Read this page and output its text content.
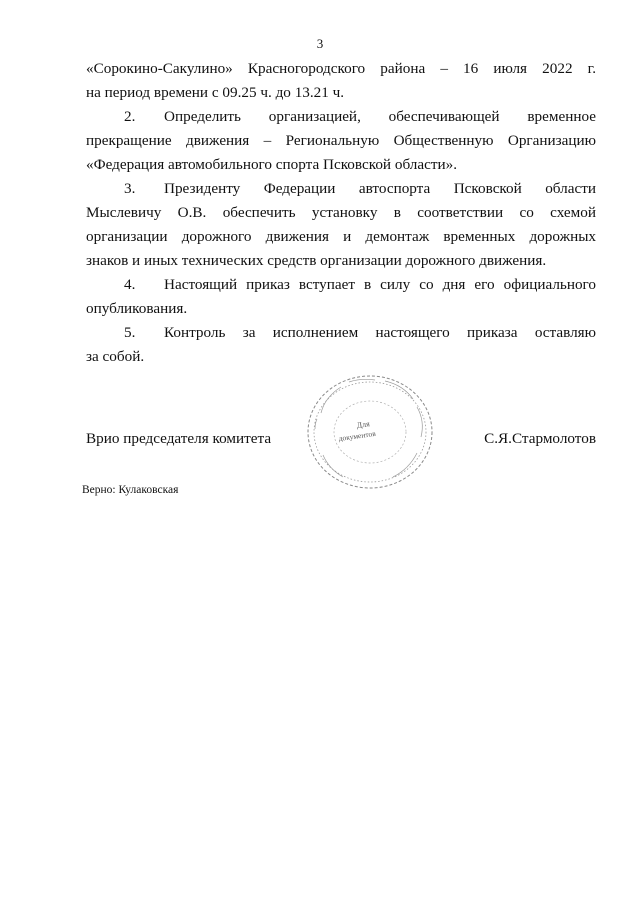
3
«Сорокино-Сакулино» Красногородского района – 16 июля 2022 г.
на период времени с 09.25 ч. до 13.21 ч.
2. Определить организацией, обеспечивающей временное
прекращение движения – Региональную Общественную Организацию
«Федерация автомобильного спорта Псковской области».
3. Президенту Федерации автоспорта Псковской области
Мыслевичу О.В. обеспечить установку в соответствии со схемой
организации дорожного движения и демонтаж временных дорожных
знаков и иных технических средств организации дорожного движения.
4. Настоящий приказ вступает в силу со дня его официального
опубликования.
5. Контроль за исполнением настоящего приказа оставляю
за собой.
Для
документов
Врио председателя комитета	С.Я.Стармолотов
Верно: Кулаковская
